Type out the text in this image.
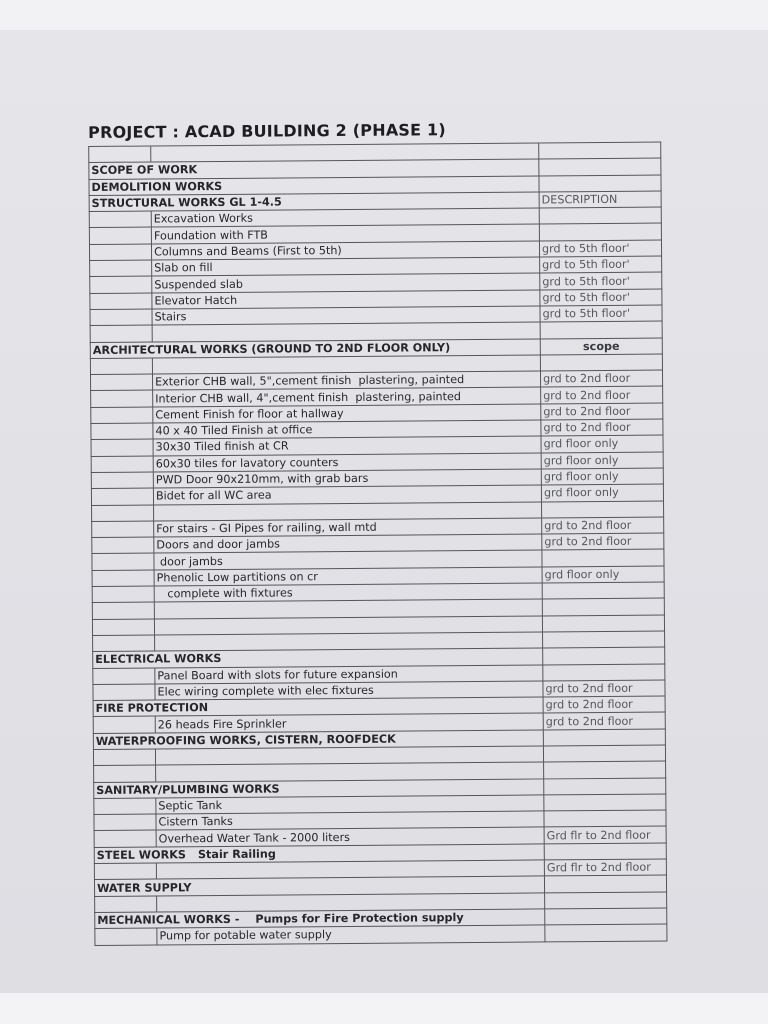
PROJECT : ACAD BUILDING 2 (PHASE 1)

SCOPE OF WORK		
DEMOLITION WORKS		
STRUCTURAL WORKS GL 1-4.5		DESCRIPTION
	Excavation Works	
	Foundation with FTB	
	Columns and Beams (First to 5th)	grd to 5th floor'
	Slab on fill	grd to 5th floor'
	Suspended slab	grd to 5th floor'
	Elevator Hatch	grd to 5th floor'
	Stairs	grd to 5th floor'

ARCHITECTURAL WORKS (GROUND TO 2ND FLOOR ONLY)		scope

	Exterior CHB wall, 5",cement finish  plastering, painted	grd to 2nd floor
	Interior CHB wall, 4",cement finish  plastering, painted	grd to 2nd floor
	Cement Finish for floor at hallway	grd to 2nd floor
	40 x 40 Tiled Finish at office	grd to 2nd floor
	30x30 Tiled finish at CR	grd floor only
	60x30 tiles for lavatory counters	grd floor only
	PWD Door 90x210mm, with grab bars	grd floor only
	Bidet for all WC area	grd floor only

	For stairs - GI Pipes for railing, wall mtd	grd to 2nd floor
	Doors and door jambs	grd to 2nd floor
	door jambs	
	Phenolic Low partitions on cr	grd floor only
	complete with fixtures	

ELECTRICAL WORKS		
	Panel Board with slots for future expansion	
	Elec wiring complete with elec fixtures	grd to 2nd floor
FIRE PROTECTION		grd to 2nd floor
	26 heads Fire Sprinkler	grd to 2nd floor
WATERPROOFING WORKS, CISTERN, ROOFDECK		

SANITARY/PLUMBING WORKS		
	Septic Tank	
	Cistern Tanks	
	Overhead Water Tank - 2000 liters	Grd flr to 2nd floor
STEEL WORKS Stair Railing		
		Grd flr to 2nd floor
WATER SUPPLY		

MECHANICAL WORKS - Pumps for Fire Protection supply		
	Pump for potable water supply	
